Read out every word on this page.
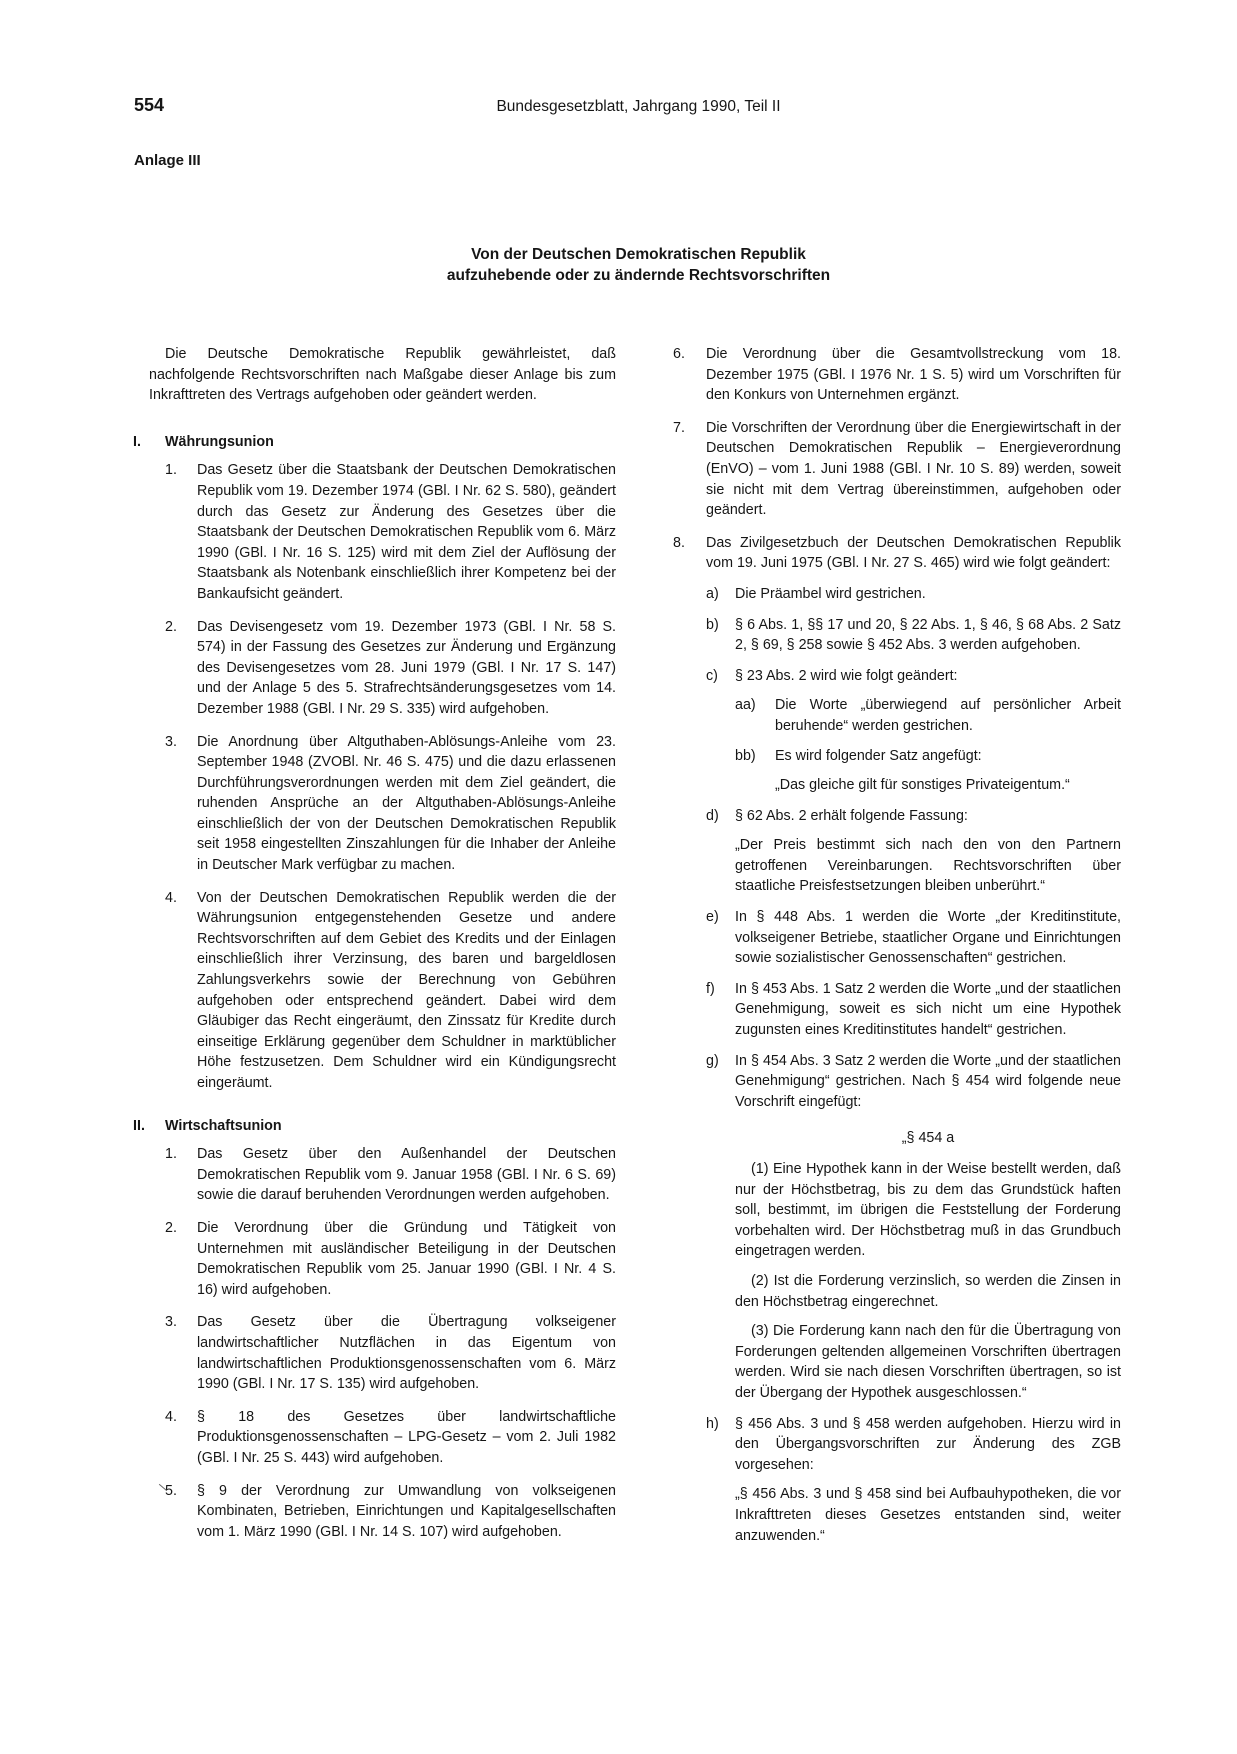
554	Bundesgesetzblatt, Jahrgang 1990, Teil II
Anlage III
Von der Deutschen Demokratischen Republik
aufzuhebende oder zu ändernde Rechtsvorschriften

Die Deutsche Demokratische Republik gewährleistet, daß nachfolgende Rechtsvorschriften nach Maßgabe dieser Anlage bis zum Inkrafttreten des Vertrags aufgehoben oder geändert werden.

I. Währungsunion
1. Das Gesetz über die Staatsbank der Deutschen Demokratischen Republik vom 19. Dezember 1974 (GBl. I Nr. 62 S. 580), geändert durch das Gesetz zur Änderung des Gesetzes über die Staatsbank der Deutschen Demokratischen Republik vom 6. März 1990 (GBl. I Nr. 16 S. 125) wird mit dem Ziel der Auflösung der Staatsbank als Notenbank einschließlich ihrer Kompetenz bei der Bankaufsicht geändert.
2. Das Devisengesetz vom 19. Dezember 1973 (GBl. I Nr. 58 S. 574) in der Fassung des Gesetzes zur Änderung und Ergänzung des Devisengesetzes vom 28. Juni 1979 (GBl. I Nr. 17 S. 147) und der Anlage 5 des 5. Strafrechtsänderungsgesetzes vom 14. Dezember 1988 (GBl. I Nr. 29 S. 335) wird aufgehoben.
3. Die Anordnung über Altguthaben-Ablösungs-Anleihe vom 23. September 1948 (ZVOBl. Nr. 46 S. 475) und die dazu erlassenen Durchführungsverordnungen werden mit dem Ziel geändert, die ruhenden Ansprüche an der Altguthaben-Ablösungs-Anleihe einschließlich der von der Deutschen Demokratischen Republik seit 1958 eingestellten Zinszahlungen für die Inhaber der Anleihe in Deutscher Mark verfügbar zu machen.
4. Von der Deutschen Demokratischen Republik werden die der Währungsunion entgegenstehenden Gesetze und andere Rechtsvorschriften auf dem Gebiet des Kredits und der Einlagen einschließlich ihrer Verzinsung, des baren und bargeldlosen Zahlungsverkehrs sowie der Berechnung von Gebühren aufgehoben oder entsprechend geändert. Dabei wird dem Gläubiger das Recht eingeräumt, den Zinssatz für Kredite durch einseitige Erklärung gegenüber dem Schuldner in marktüblicher Höhe festzusetzen. Dem Schuldner wird ein Kündigungsrecht eingeräumt.
II. Wirtschaftsunion
1. Das Gesetz über den Außenhandel der Deutschen Demokratischen Republik vom 9. Januar 1958 (GBl. I Nr. 6 S. 69) sowie die darauf beruhenden Verordnungen werden aufgehoben.
2. Die Verordnung über die Gründung und Tätigkeit von Unternehmen mit ausländischer Beteiligung in der Deutschen Demokratischen Republik vom 25. Januar 1990 (GBl. I Nr. 4 S. 16) wird aufgehoben.
3. Das Gesetz über die Übertragung volkseigener landwirtschaftlicher Nutzflächen in das Eigentum von landwirtschaftlichen Produktionsgenossenschaften vom 6. März 1990 (GBl. I Nr. 17 S. 135) wird aufgehoben.
4. § 18 des Gesetzes über landwirtschaftliche Produktionsgenossenschaften – LPG-Gesetz – vom 2. Juli 1982 (GBl. I Nr. 25 S. 443) wird aufgehoben.
5. § 9 der Verordnung zur Umwandlung von volkseigenen Kombinaten, Betrieben, Einrichtungen und Kapitalgesellschaften vom 1. März 1990 (GBl. I Nr. 14 S. 107) wird aufgehoben.
6. Die Verordnung über die Gesamtvollstreckung vom 18. Dezember 1975 (GBl. I 1976 Nr. 1 S. 5) wird um Vorschriften für den Konkurs von Unternehmen ergänzt.
7. Die Vorschriften der Verordnung über die Energiewirtschaft in der Deutschen Demokratischen Republik – Energieverordnung (EnVO) – vom 1. Juni 1988 (GBl. I Nr. 10 S. 89) werden, soweit sie nicht mit dem Vertrag übereinstimmen, aufgehoben oder geändert.
8. Das Zivilgesetzbuch der Deutschen Demokratischen Republik vom 19. Juni 1975 (GBl. I Nr. 27 S. 465) wird wie folgt geändert:
a) Die Präambel wird gestrichen.
b) § 6 Abs. 1, §§ 17 und 20, § 22 Abs. 1, § 46, § 68 Abs. 2 Satz 2, § 69, § 258 sowie § 452 Abs. 3 werden aufgehoben.
c) § 23 Abs. 2 wird wie folgt geändert:
aa) Die Worte „überwiegend auf persönlicher Arbeit beruhende“ werden gestrichen.
bb) Es wird folgender Satz angefügt:
„Das gleiche gilt für sonstiges Privateigentum.“
d) § 62 Abs. 2 erhält folgende Fassung:
„Der Preis bestimmt sich nach den von den Partnern getroffenen Vereinbarungen. Rechtsvorschriften über staatliche Preisfestsetzungen bleiben unberührt.“
e) In § 448 Abs. 1 werden die Worte „der Kreditinstitute, volkseigener Betriebe, staatlicher Organe und Einrichtungen sowie sozialistischer Genossenschaften“ gestrichen.
f) In § 453 Abs. 1 Satz 2 werden die Worte „und der staatlichen Genehmigung, soweit es sich nicht um eine Hypothek zugunsten eines Kreditinstitutes handelt“ gestrichen.
g) In § 454 Abs. 3 Satz 2 werden die Worte „und der staatlichen Genehmigung“ gestrichen. Nach § 454 wird folgende neue Vorschrift eingefügt:
„§ 454 a
(1) Eine Hypothek kann in der Weise bestellt werden, daß nur der Höchstbetrag, bis zu dem das Grundstück haften soll, bestimmt, im übrigen die Feststellung der Forderung vorbehalten wird. Der Höchstbetrag muß in das Grundbuch eingetragen werden.
(2) Ist die Forderung verzinslich, so werden die Zinsen in den Höchstbetrag eingerechnet.
(3) Die Forderung kann nach den für die Übertragung von Forderungen geltenden allgemeinen Vorschriften übertragen werden. Wird sie nach diesen Vorschriften übertragen, so ist der Übergang der Hypothek ausgeschlossen.“
h) § 456 Abs. 3 und § 458 werden aufgehoben. Hierzu wird in den Übergangsvorschriften zur Änderung des ZGB vorgesehen:
„§ 456 Abs. 3 und § 458 sind bei Aufbauhypotheken, die vor Inkrafttreten dieses Gesetzes entstanden sind, weiter anzuwenden.“
